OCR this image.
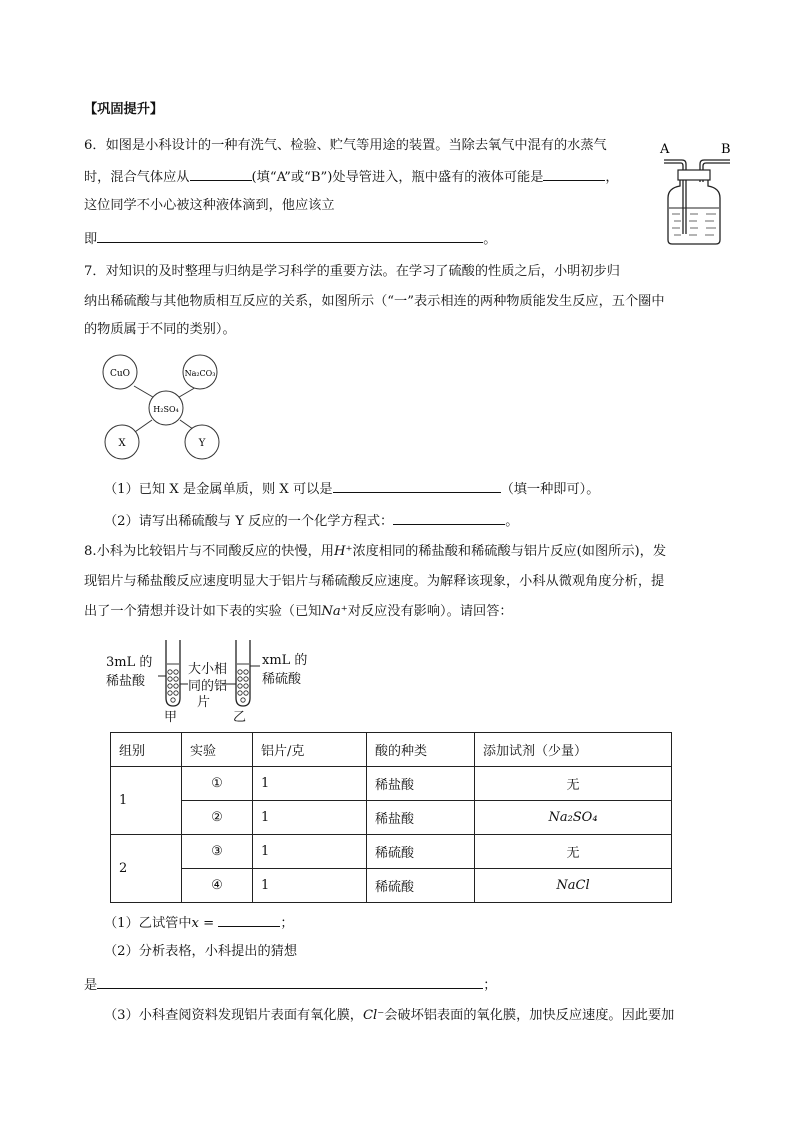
【巩固提升】
6．如图是小科设计的一种有洗气、检验、贮气等用途的装置。当除去氧气中混有的水蒸气
时，混合气体应从	(填“A”或“B”)处导管进入，瓶中盛有的液体可能是	，
这位同学不小心被这种液体滴到，他应该立
即	。
A	B
7．对知识的及时整理与归纳是学习科学的重要方法。在学习了硫酸的性质之后，小明初步归
纳出稀硫酸与其他物质相互反应的关系，如图所示（“一”表示相连的两种物质能发生反应，五个圈中
的物质属于不同的类别）。
CuO	Na₂CO₃
H₂SO₄
X	Y
（1）已知 X 是金属单质，则 X 可以是	（填一种即可）。
（2）请写出稀硫酸与 Y 反应的一个化学方程式：	。
8.小科为比较铝片与不同酸反应的快慢，用H⁺浓度相同的稀盐酸和稀硫酸与铝片反应(如图所示)，发
现铝片与稀盐酸反应速度明显大于铝片与稀硫酸反应速度。为解释该现象，小科从微观角度分析，提
出了一个猜想并设计如下表的实验（已知Na⁺对反应没有影响）。请回答：
3mL 的
稀盐酸
大小相
同的铝
片
xmL 的
稀硫酸
甲	乙
组别	实验	铝片/克	酸的种类	添加试剂（少量）
1	①	1	稀盐酸	无
	②	1	稀盐酸	Na₂SO₄
2	③	1	稀硫酸	无
	④	1	稀硫酸	NaCl
（1）乙试管中x =	；
（2）分析表格，小科提出的猜想
是	；
（3）小科查阅资料发现铝片表面有氧化膜，Cl⁻会破坏铝表面的氧化膜，加快反应速度。因此要加
